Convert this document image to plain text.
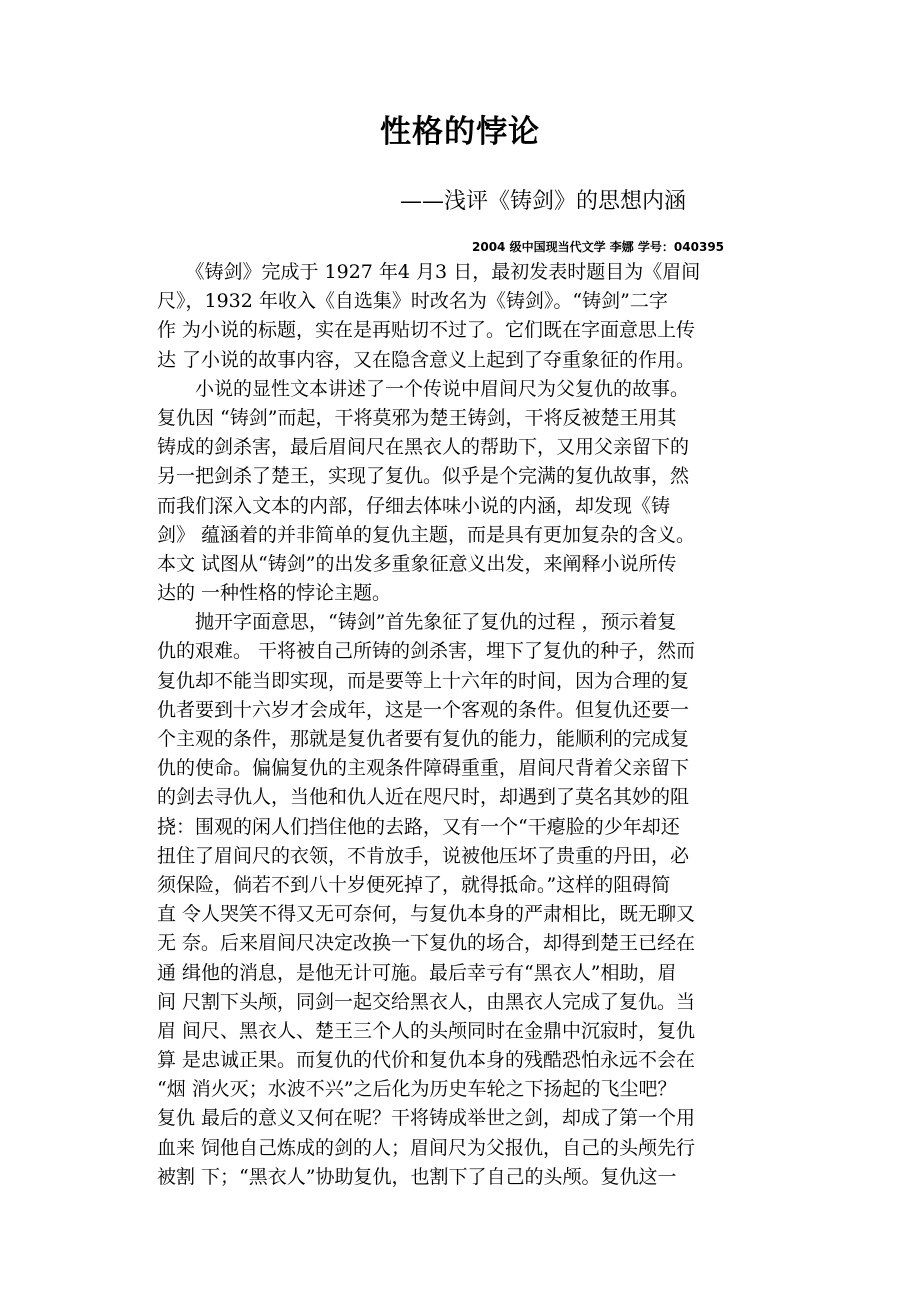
性格的悖论
——浅评《铸剑》的思想内涵
2004 级中国现当代文学 李娜 学号：040395
　　《铸剑》完成于 1927 年4 月3 日，最初发表时题目为《眉间
尺》，1932 年收入《自选集》时改名为《铸剑》。“铸剑”二字
作 为小说的标题，实在是再贴切不过了。它们既在字面意思上传
达 了小说的故事内容，又在隐含意义上起到了夺重象征的作用。
　　小说的显性文本讲述了一个传说中眉间尺为父复仇的故事。
复仇因 “铸剑”而起，干将莫邪为楚王铸剑，干将反被楚王用其
铸成的剑杀害，最后眉间尺在黑衣人的帮助下，又用父亲留下的
另一把剑杀了楚王，实现了复仇。似乎是个完满的复仇故事，然
而我们深入文本的内部，仔细去体味小说的内涵，却发现《铸
剑》 蕴涵着的并非简单的复仇主题，而是具有更加复杂的含义。
本文 试图从“铸剑”的出发多重象征意义出发，来阐释小说所传
达的 一种性格的悖论主题。
　　抛开字面意思，“铸剑”首先象征了复仇的过程 ，预示着复
仇的艰难。 干将被自己所铸的剑杀害，埋下了复仇的种子，然而
复仇却不能当即实现，而是要等上十六年的时间，因为合理的复
仇者要到十六岁才会成年，这是一个客观的条件。但复仇还要一
个主观的条件，那就是复仇者要有复仇的能力，能顺利的完成复
仇的使命。偏偏复仇的主观条件障碍重重，眉间尺背着父亲留下
的剑去寻仇人，当他和仇人近在咫尺时，却遇到了莫名其妙的阻
挠：围观的闲人们挡住他的去路，又有一个“干瘪脸的少年却还
扭住了眉间尺的衣领，不肯放手，说被他压坏了贵重的丹田，必
须保险，倘若不到八十岁便死掉了，就得抵命。”这样的阻碍简
直 令人哭笑不得又无可奈何，与复仇本身的严肃相比，既无聊又
无 奈。后来眉间尺决定改换一下复仇的场合，却得到楚王已经在
通 缉他的消息，是他无计可施。最后幸亏有“黑衣人”相助，眉
间 尺割下头颅，同剑一起交给黑衣人，由黑衣人完成了复仇。当
眉 间尺、黑衣人、楚王三个人的头颅同时在金鼎中沉寂时，复仇
算 是忠诚正果。而复仇的代价和复仇本身的残酷恐怕永远不会在
“烟 消火灭；水波不兴”之后化为历史车轮之下扬起的飞尘吧？
复仇 最后的意义又何在呢？干将铸成举世之剑，却成了第一个用
血来 饲他自己炼成的剑的人；眉间尺为父报仇，自己的头颅先行
被割 下；“黑衣人”协助复仇，也割下了自己的头颅。复仇这一
